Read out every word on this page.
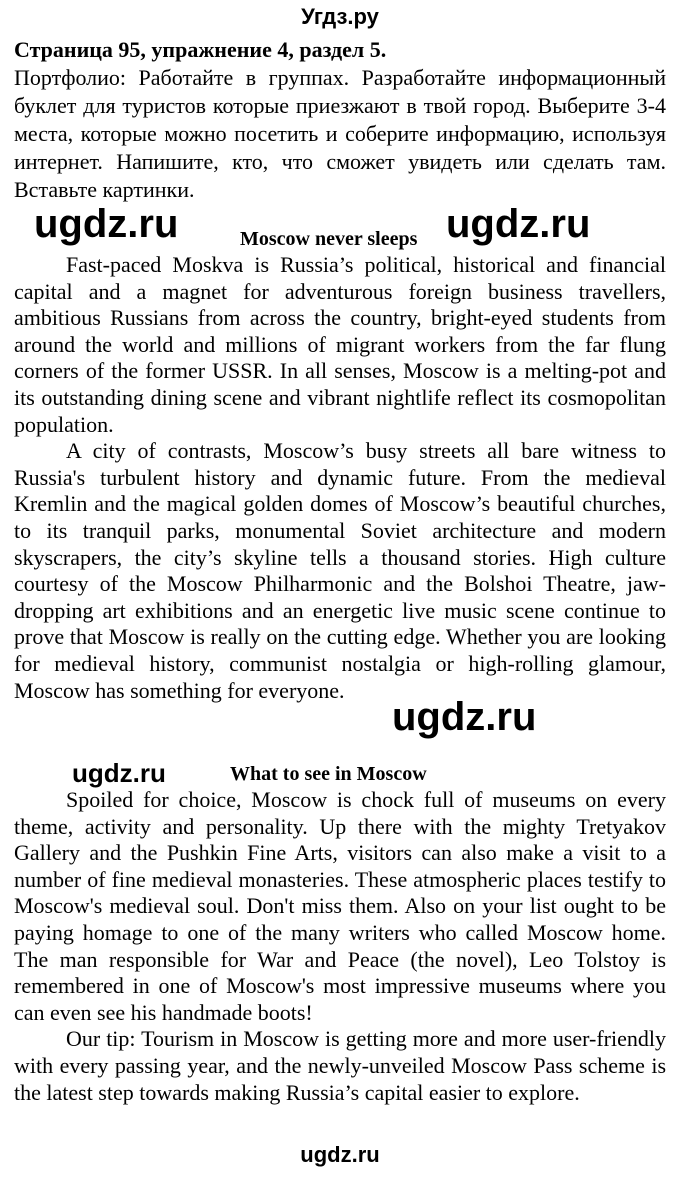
Угдз.ру
Страница 95, упражнение 4, раздел 5.
Портфолио: Работайте в группах. Разработайте информационный буклет для туристов которые приезжают в твой город. Выберите 3-4 места, которые можно посетить и соберите информацию, используя интернет. Напишите, кто, что сможет увидеть или сделать там. Вставьте картинки.
Moscow never sleeps

Fast-paced Moskva is Russia’s political, historical and financial capital and a magnet for adventurous foreign business travellers, ambitious Russians from across the country, bright-eyed students from around the world and millions of migrant workers from the far flung corners of the former USSR. In all senses, Moscow is a melting-pot and its outstanding dining scene and vibrant nightlife reflect its cosmopolitan population.

A city of contrasts, Moscow’s busy streets all bare witness to Russia's turbulent history and dynamic future. From the medieval Kremlin and the magical golden domes of Moscow’s beautiful churches, to its tranquil parks, monumental Soviet architecture and modern skyscrapers, the city’s skyline tells a thousand stories. High culture courtesy of the Moscow Philharmonic and the Bolshoi Theatre, jaw-dropping art exhibitions and an energetic live music scene continue to prove that Moscow is really on the cutting edge. Whether you are looking for medieval history, communist nostalgia or high-rolling glamour, Moscow has something for everyone.

What to see in Moscow

Spoiled for choice, Moscow is chock full of museums on every theme, activity and personality. Up there with the mighty Tretyakov Gallery and the Pushkin Fine Arts, visitors can also make a visit to a number of fine medieval monasteries. These atmospheric places testify to Moscow's medieval soul. Don't miss them. Also on your list ought to be paying homage to one of the many writers who called Moscow home. The man responsible for War and Peace (the novel), Leo Tolstoy is remembered in one of Moscow's most impressive museums where you can even see his handmade boots!

Our tip: Tourism in Moscow is getting more and more user-friendly with every passing year, and the newly-unveiled Moscow Pass scheme is the latest step towards making Russia’s capital easier to explore.

ugdz.ru	ugdz.ru
ugdz.ru
ugdz.ru
ugdz.ru
